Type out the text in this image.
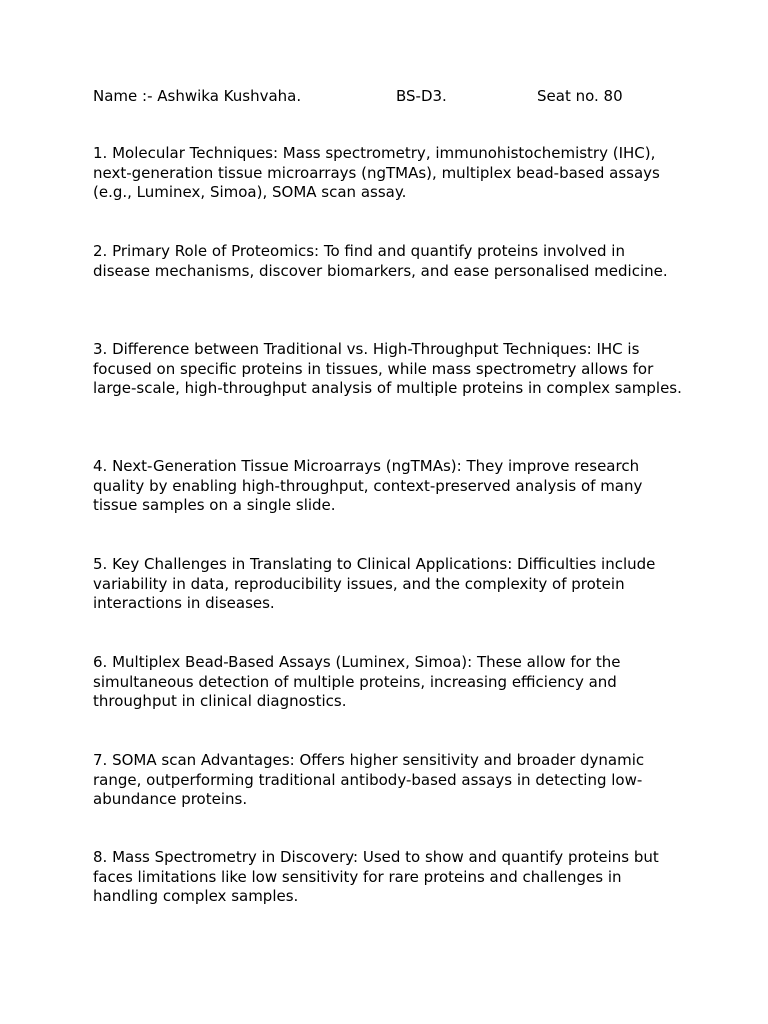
Name :- Ashwika Kushvaha.	BS-D3.	Seat no. 80

1. Molecular Techniques: Mass spectrometry, immunohistochemistry (IHC), next-generation tissue microarrays (ngTMAs), multiplex bead-based assays (e.g., Luminex, Simoa), SOMA scan assay.

2. Primary Role of Proteomics: To find and quantify proteins involved in disease mechanisms, discover biomarkers, and ease personalised medicine.

3. Difference between Traditional vs. High-Throughput Techniques: IHC is focused on specific proteins in tissues, while mass spectrometry allows for large-scale, high-throughput analysis of multiple proteins in complex samples.

4. Next-Generation Tissue Microarrays (ngTMAs): They improve research quality by enabling high-throughput, context-preserved analysis of many tissue samples on a single slide.

5. Key Challenges in Translating to Clinical Applications: Difficulties include variability in data, reproducibility issues, and the complexity of protein interactions in diseases.

6. Multiplex Bead-Based Assays (Luminex, Simoa): These allow for the simultaneous detection of multiple proteins, increasing efficiency and throughput in clinical diagnostics.

7. SOMA scan Advantages: Offers higher sensitivity and broader dynamic range, outperforming traditional antibody-based assays in detecting low-abundance proteins.

8. Mass Spectrometry in Discovery: Used to show and quantify proteins but faces limitations like low sensitivity for rare proteins and challenges in handling complex samples.
